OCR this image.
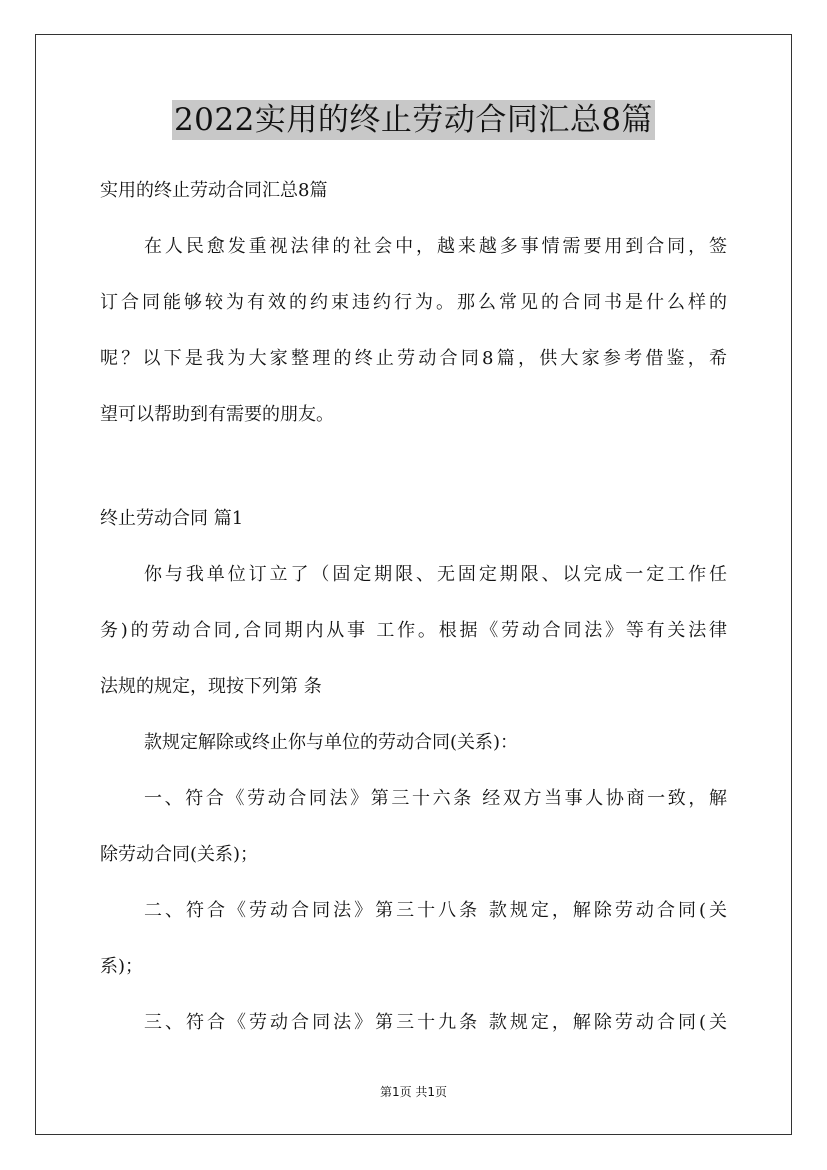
2022实用的终止劳动合同汇总8篇
实用的终止劳动合同汇总8篇
在人民愈发重视法律的社会中，越来越多事情需要用到合同，签
订合同能够较为有效的约束违约行为。那么常见的合同书是什么样的
呢？以下是我为大家整理的终止劳动合同8篇，供大家参考借鉴，希
望可以帮助到有需要的朋友。
终止劳动合同 篇1
你与我单位订立了（固定期限、无固定期限、以完成一定工作任
务)的劳动合同,合同期内从事 工作。根据《劳动合同法》等有关法律
法规的规定，现按下列第 条
款规定解除或终止你与单位的劳动合同(关系)：
一、符合《劳动合同法》第三十六条 经双方当事人协商一致，解
除劳动合同(关系)；
二、符合《劳动合同法》第三十八条 款规定，解除劳动合同(关
系)；
三、符合《劳动合同法》第三十九条 款规定，解除劳动合同(关
第1页 共1页
